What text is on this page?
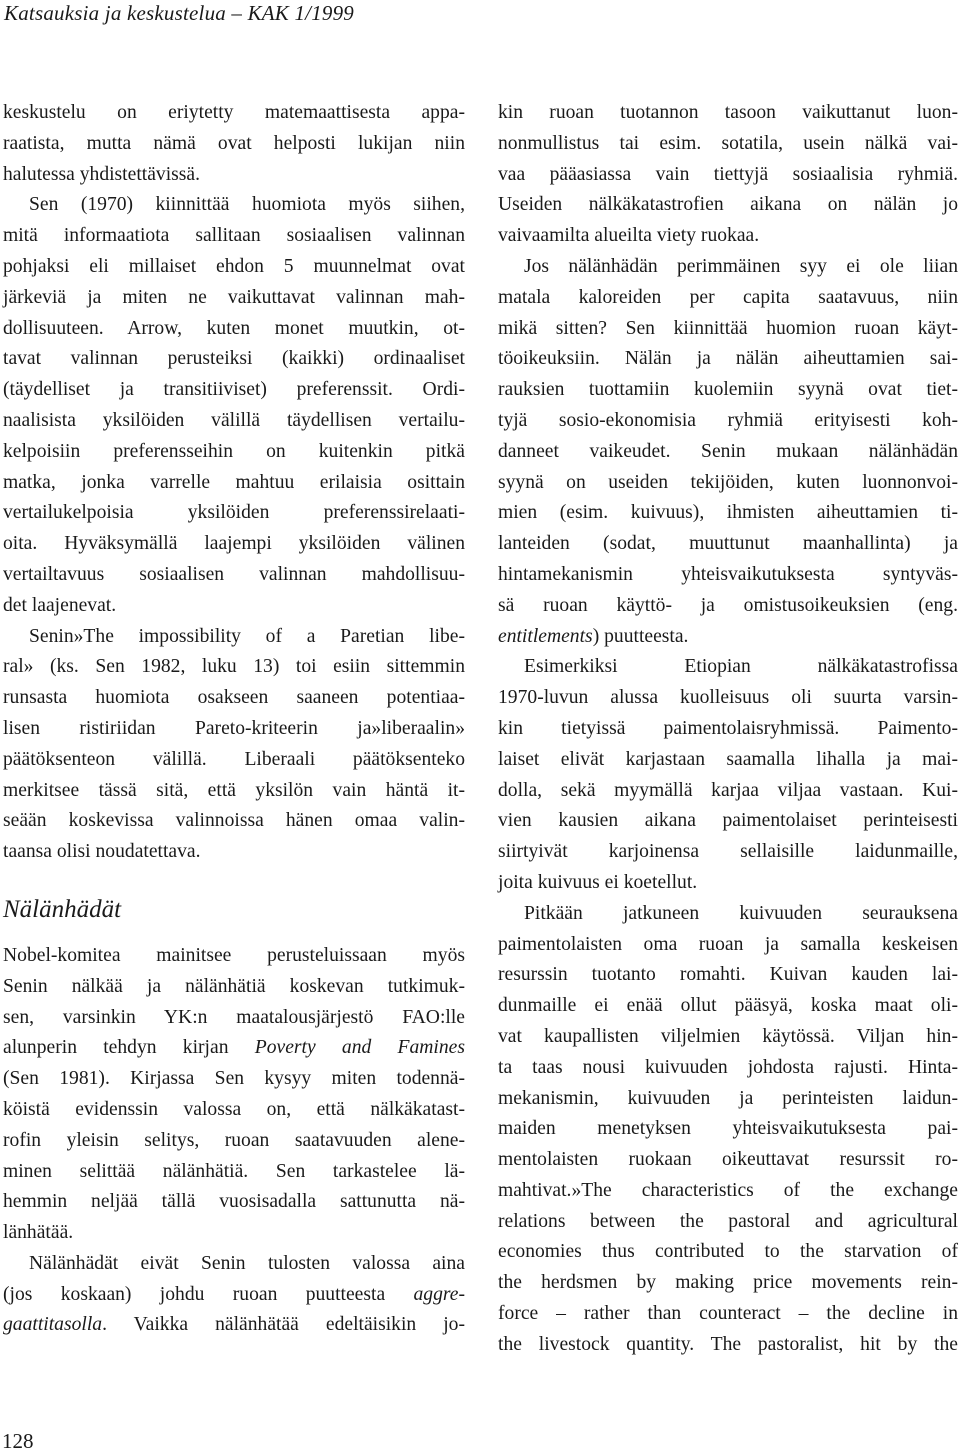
Katsauksia ja keskustelua – KAK 1/1999
keskustelu on eriytetty matemaattisesta appa-
raatista, mutta nämä ovat helposti lukijan niin
halutessa yhdistettävissä.
Sen (1970) kiinnittää huomiota myös siihen,
mitä informaatiota sallitaan sosiaalisen valinnan
pohjaksi eli millaiset ehdon 5 muunnelmat ovat
järkeviä ja miten ne vaikuttavat valinnan mah-
dollisuuteen. Arrow, kuten monet muutkin, ot-
tavat valinnan perusteiksi (kaikki) ordinaaliset
(täydelliset ja transitiiviset) preferenssit. Ordi-
naalisista yksilöiden välillä täydellisen vertailu-
kelpoisiin preferensseihin on kuitenkin pitkä
matka, jonka varrelle mahtuu erilaisia osittain
vertailukelpoisia yksilöiden preferenssirelaati-
oita. Hyväksymällä laajempi yksilöiden välinen
vertailtavuus sosiaalisen valinnan mahdollisuu-
det laajenevat.
Senin»The impossibility of a Paretian libe-
ral» (ks. Sen 1982, luku 13) toi esiin sittemmin
runsasta huomiota osakseen saaneen potentiaa-
lisen ristiriidan Pareto-kriteerin ja»liberaalin»
päätöksenteon välillä. Liberaali päätöksenteko
merkitsee tässä sitä, että yksilön vain häntä it-
seään koskevissa valinnoissa hänen omaa valin-
taansa olisi noudatettava.
Nälänhädät
Nobel-komitea mainitsee perusteluissaan myös
Senin nälkää ja nälänhätiä koskevan tutkimuk-
sen, varsinkin YK:n maatalousjärjestö FAO:lle
alunperin tehdyn kirjan Poverty and Famines
(Sen 1981). Kirjassa Sen kysyy miten todennä-
köistä evidenssin valossa on, että nälkäkatast-
rofin yleisin selitys, ruoan saatavuuden alene-
minen selittää nälänhätiä. Sen tarkastelee lä-
hemmin neljää tällä vuosisadalla sattunutta nä-
länhätää.
Nälänhädät eivät Senin tulosten valossa aina
(jos koskaan) johdu ruoan puutteesta aggre-
gaattitasolla. Vaikka nälänhätää edeltäisikin jo-
kin ruoan tuotannon tasoon vaikuttanut luon-
nonmullistus tai esim. sotatila, usein nälkä vai-
vaa pääasiassa vain tiettyjä sosiaalisia ryhmiä.
Useiden nälkäkatastrofien aikana on nälän jo
vaivaamilta alueilta viety ruokaa.
Jos nälänhädän perimmäinen syy ei ole liian
matala kaloreiden per capita saatavuus, niin
mikä sitten? Sen kiinnittää huomion ruoan käyt-
töoikeuksiin. Nälän ja nälän aiheuttamien sai-
rauksien tuottamiin kuolemiin syynä ovat tiet-
tyjä sosio-ekonomisia ryhmiä erityisesti koh-
danneet vaikeudet. Senin mukaan nälänhädän
syynä on useiden tekijöiden, kuten luonnonvoi-
mien (esim. kuivuus), ihmisten aiheuttamien ti-
lanteiden (sodat, muuttunut maanhallinta) ja
hintamekanismin yhteisvaikutuksesta syntyväs-
sä ruoan käyttö- ja omistusoikeuksien (eng.
entitlements) puutteesta.
Esimerkiksi Etiopian nälkäkatastrofissa
1970-luvun alussa kuolleisuus oli suurta varsin-
kin tietyissä paimentolaisryhmissä. Paimento-
laiset elivät karjastaan saamalla lihalla ja mai-
dolla, sekä myymällä karjaa viljaa vastaan. Kui-
vien kausien aikana paimentolaiset perinteisesti
siirtyivät karjoinensa sellaisille laidunmaille,
joita kuivuus ei koetellut.
Pitkään jatkuneen kuivuuden seurauksena
paimentolaisten oma ruoan ja samalla keskeisen
resurssin tuotanto romahti. Kuivan kauden lai-
dunmaille ei enää ollut pääsyä, koska maat oli-
vat kaupallisten viljelmien käytössä. Viljan hin-
ta taas nousi kuivuuden johdosta rajusti. Hinta-
mekanismin, kuivuuden ja perinteisten laidun-
maiden menetyksen yhteisvaikutuksesta pai-
mentolaisten ruokaan oikeuttavat resurssit ro-
mahtivat.»The characteristics of the exchange
relations between the pastoral and agricultural
economies thus contributed to the starvation of
the herdsmen by making price movements rein-
force – rather than counteract – the decline in
the livestock quantity. The pastoralist, hit by the
128
